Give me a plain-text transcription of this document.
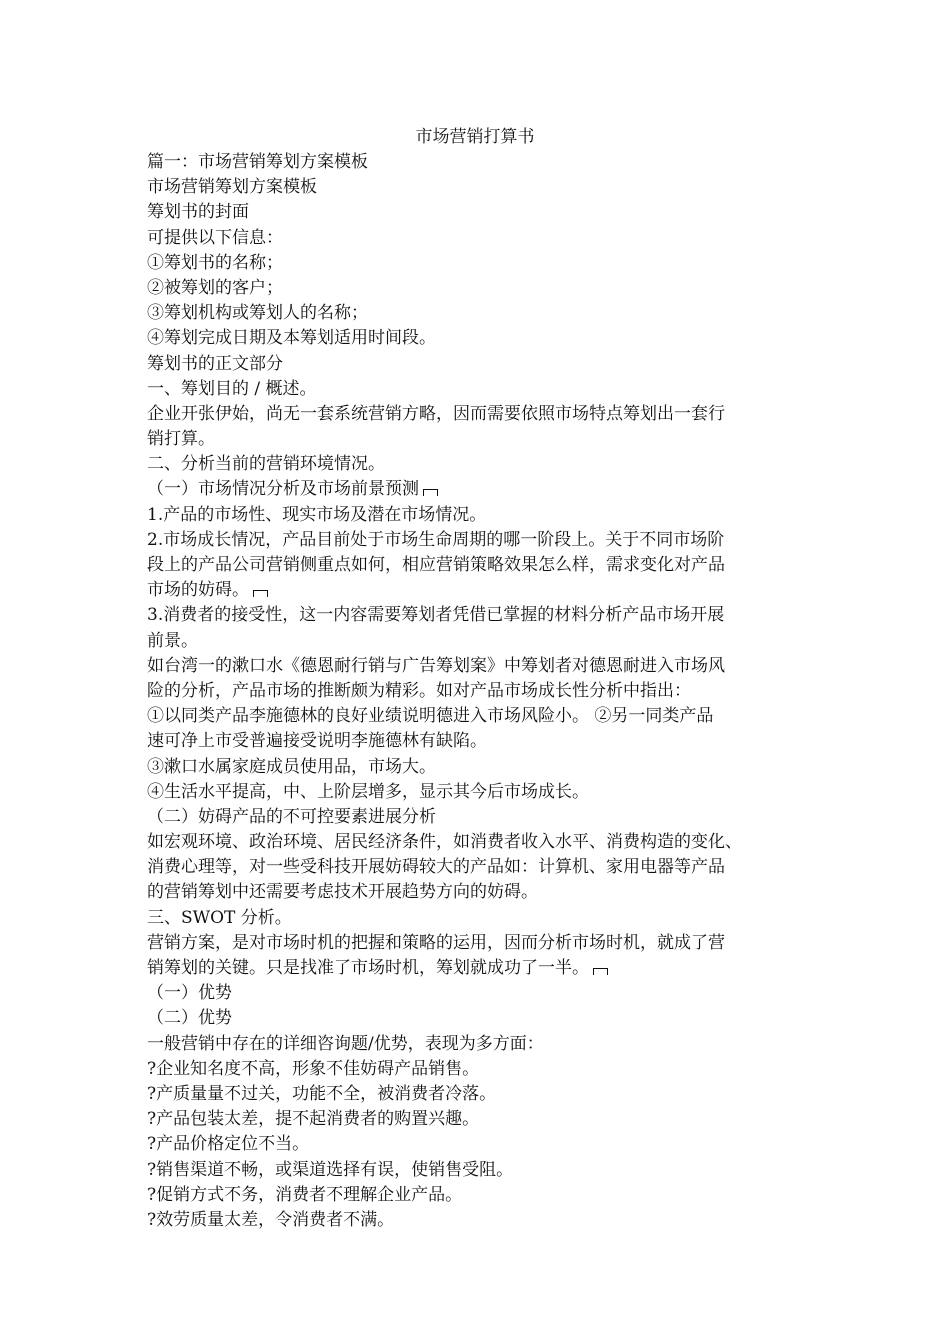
市场营销打算书
篇一：市场营销筹划方案模板
市场营销筹划方案模板
筹划书的封面
可提供以下信息：
①筹划书的名称；
②被筹划的客户；
③筹划机构或筹划人的名称；
④筹划完成日期及本筹划适用时间段。
筹划书的正文部分
一、筹划目的 / 概述。
企业开张伊始，尚无一套系统营销方略，因而需要依照市场特点筹划出一套行
销打算。
二、分析当前的营销环境情况。
（一）市场情况分析及市场前景预测
1.产品的市场性、现实市场及潜在市场情况。
2.市场成长情况，产品目前处于市场生命周期的哪一阶段上。关于不同市场阶
段上的产品公司营销侧重点如何，相应营销策略效果怎么样，需求变化对产品
市场的妨碍。
3.消费者的接受性，这一内容需要筹划者凭借已掌握的材料分析产品市场开展
前景。
如台湾一的漱口水《德恩耐行销与广告筹划案》中筹划者对德恩耐进入市场风
险的分析，产品市场的推断颇为精彩。如对产品市场成长性分析中指出：
①以同类产品李施德林的良好业绩说明德进入市场风险小。 ②另一同类产品
速可净上市受普遍接受说明李施德林有缺陷。
③漱口水属家庭成员使用品，市场大。
④生活水平提高，中、上阶层增多，显示其今后市场成长。
（二）妨碍产品的不可控要素进展分析
如宏观环境、政治环境、居民经济条件，如消费者收入水平、消费构造的变化、
消费心理等，对一些受科技开展妨碍较大的产品如：计算机、家用电器等产品
的营销筹划中还需要考虑技术开展趋势方向的妨碍。
三、SWOT 分析。
营销方案，是对市场时机的把握和策略的运用，因而分析市场时机，就成了营
销筹划的关键。只是找准了市场时机，筹划就成功了一半。
（一）优势
（二）优势
一般营销中存在的详细咨询题/优势，表现为多方面：
?企业知名度不高，形象不佳妨碍产品销售。
?产质量量不过关，功能不全，被消费者冷落。
?产品包装太差，提不起消费者的购置兴趣。
?产品价格定位不当。
?销售渠道不畅，或渠道选择有误，使销售受阻。
?促销方式不务，消费者不理解企业产品。
?效劳质量太差，令消费者不满。
